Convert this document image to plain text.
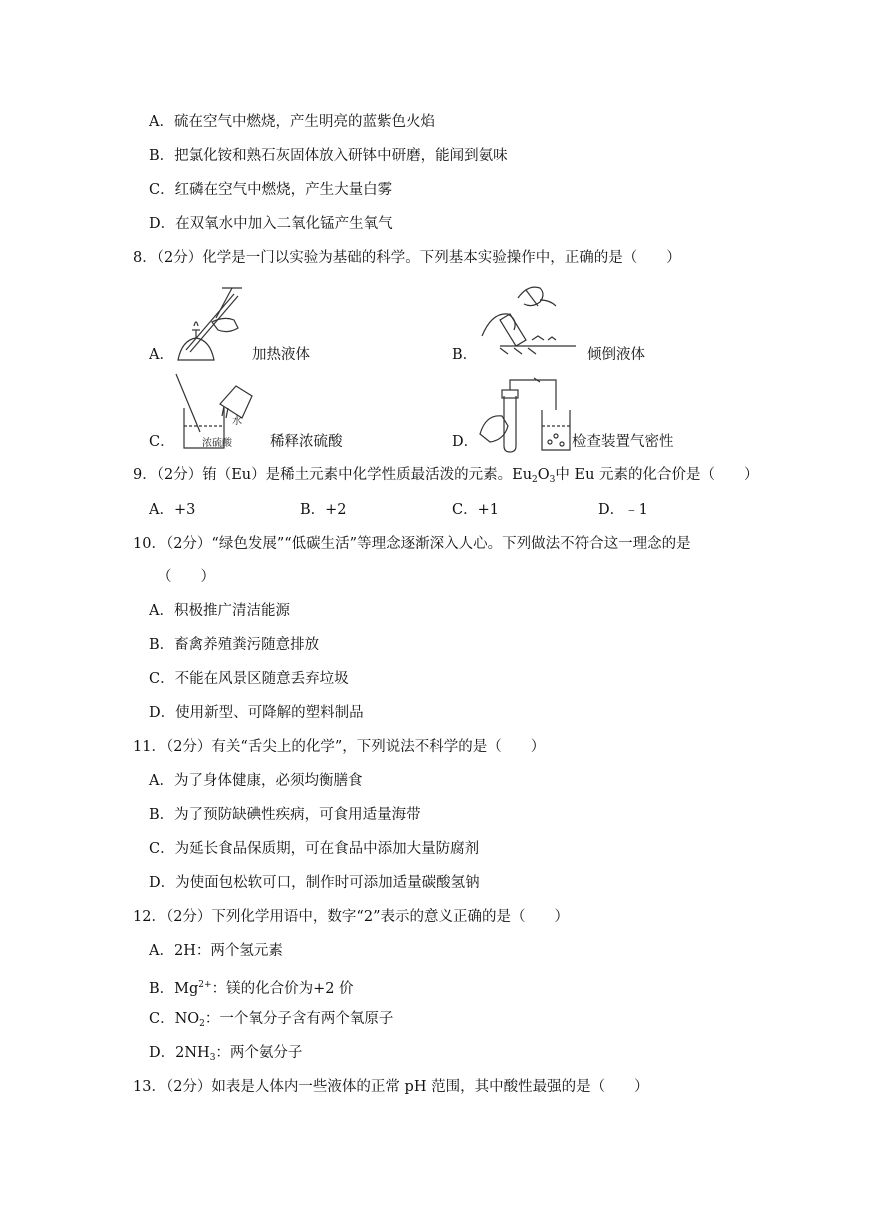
A．硫在空气中燃烧，产生明亮的蓝紫色火焰
B．把氯化铵和熟石灰固体放入研钵中研磨，能闻到氨味
C．红磷在空气中燃烧，产生大量白雾
D．在双氧水中加入二氧化锰产生氧气
8．（2分）化学是一门以实验为基础的科学。下列基本实验操作中，正确的是（　　）
A．	加热液体	B．	倾倒液体
C．
水
浓硫酸	稀释浓硫酸	D．	检查装置气密性
9．（2分）铕（Eu）是稀土元素中化学性质最活泼的元素。$Eu_2O_3$中 Eu 元素的化合价是（　　）
A．+3	B．+2	C．+1	D．﹣1
10．（2分）“绿色发展”“低碳生活”等理念逐渐深入人心。下列做法不符合这一理念的是
（　　）
A．积极推广清洁能源
B．畜禽养殖粪污随意排放
C．不能在风景区随意丢弃垃圾
D．使用新型、可降解的塑料制品
11．（2分）有关“舌尖上的化学”，下列说法不科学的是（　　）
A．为了身体健康，必须均衡膳食
B．为了预防缺碘性疾病，可食用适量海带
C．为延长食品保质期，可在食品中添加大量防腐剂
D．为使面包松软可口，制作时可添加适量碳酸氢钠
12．（2分）下列化学用语中，数字“2”表示的意义正确的是（　　）
A．2H：两个氢元素
B．$Mg^{2+}$：镁的化合价为+2 价
C．$NO_2$：一个氧分子含有两个氧原子
D．$2NH_3$：两个氨分子
13．（2分）如表是人体内一些液体的正常 pH 范围，其中酸性最强的是（　　）
